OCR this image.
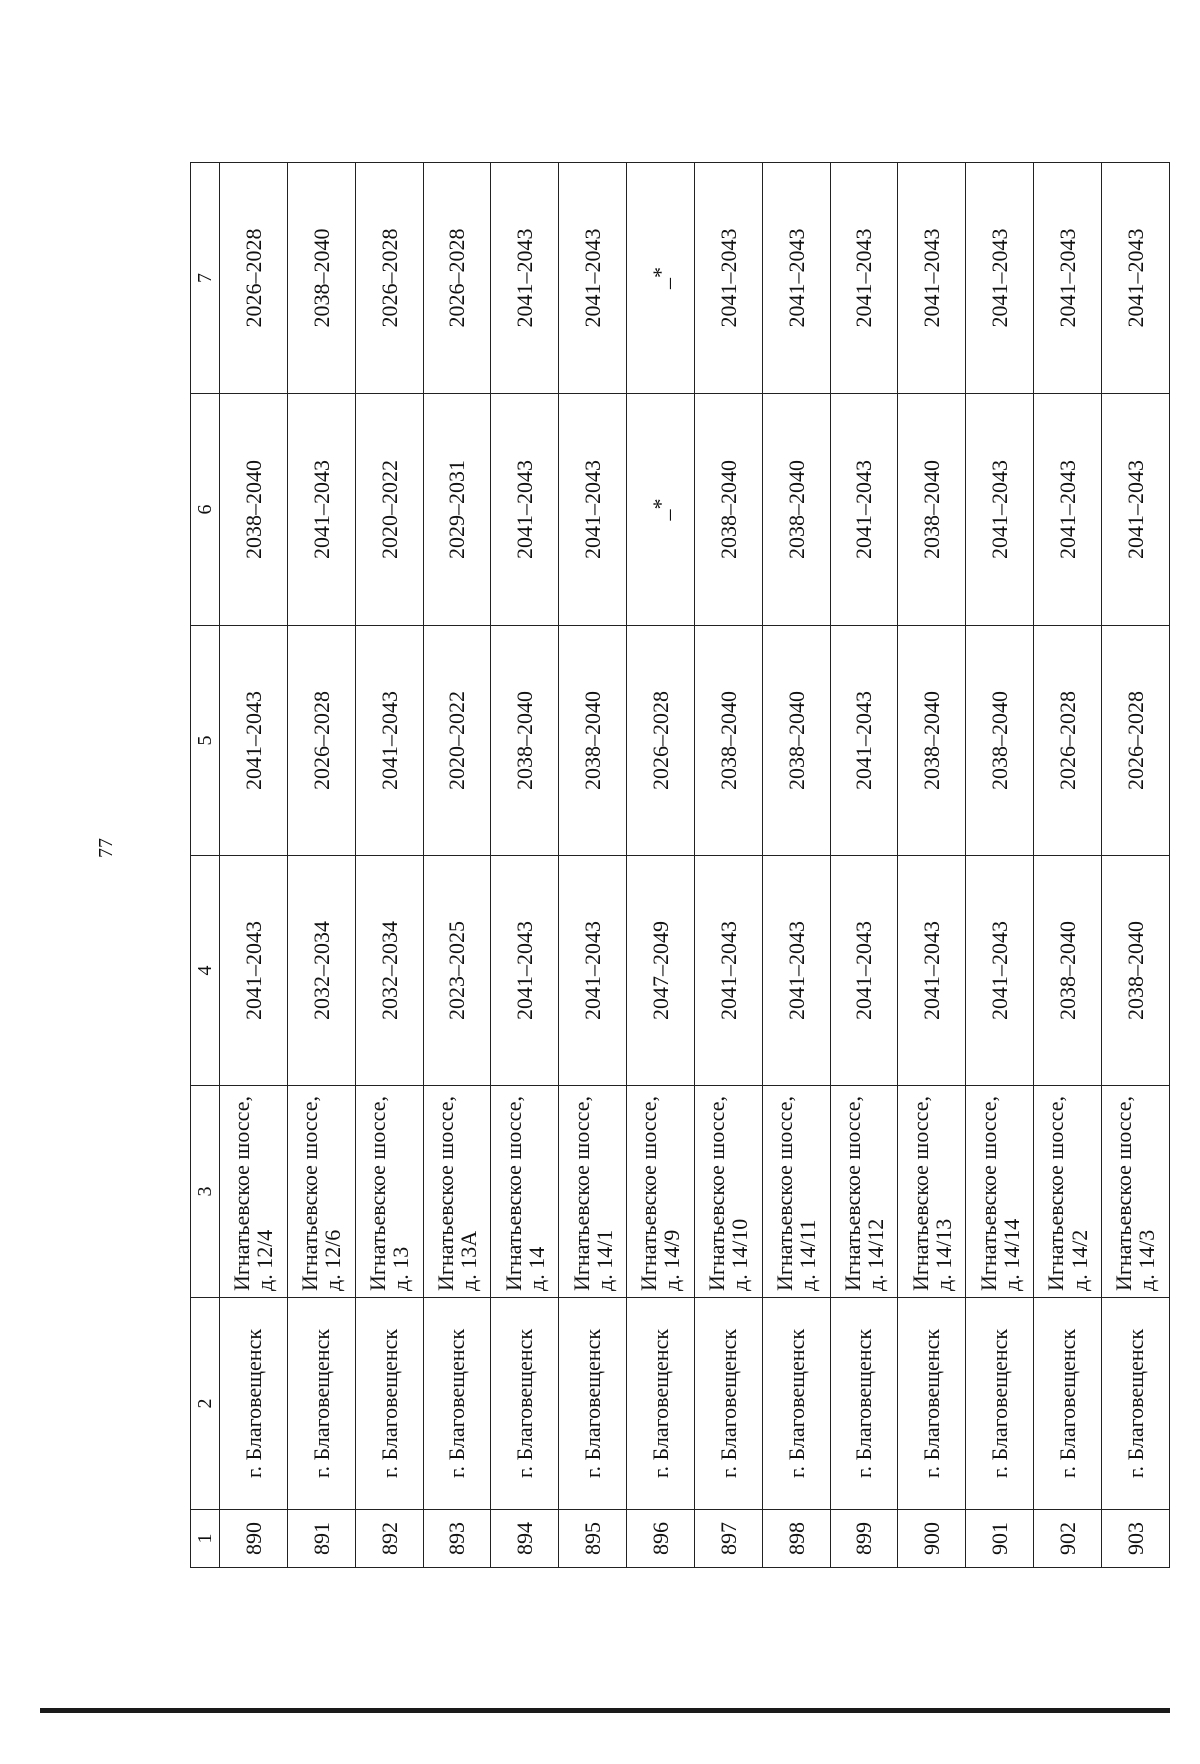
77
1	2	3	4	5	6	7
890	г. Благовещенск	Игнатьевское шоссе,
д. 12/4	2041–2043	2041–2043	2038–2040	2026–2028
891	г. Благовещенск	Игнатьевское шоссе,
д. 12/6	2032–2034	2026–2028	2041–2043	2038–2040
892	г. Благовещенск	Игнатьевское шоссе,
д. 13	2032–2034	2041–2043	2020–2022	2026–2028
893	г. Благовещенск	Игнатьевское шоссе,
д. 13А	2023–2025	2020–2022	2029–2031	2026–2028
894	г. Благовещенск	Игнатьевское шоссе,
д. 14	2041–2043	2038–2040	2041–2043	2041–2043
895	г. Благовещенск	Игнатьевское шоссе,
д. 14/1	2041–2043	2038–2040	2041–2043	2041–2043
896	г. Благовещенск	Игнатьевское шоссе,
д. 14/9	2047–2049	2026–2028	_*	_*
897	г. Благовещенск	Игнатьевское шоссе,
д. 14/10	2041–2043	2038–2040	2038–2040	2041–2043
898	г. Благовещенск	Игнатьевское шоссе,
д. 14/11	2041–2043	2038–2040	2038–2040	2041–2043
899	г. Благовещенск	Игнатьевское шоссе,
д. 14/12	2041–2043	2041–2043	2041–2043	2041–2043
900	г. Благовещенск	Игнатьевское шоссе,
д. 14/13	2041–2043	2038–2040	2038–2040	2041–2043
901	г. Благовещенск	Игнатьевское шоссе,
д. 14/14	2041–2043	2038–2040	2041–2043	2041–2043
902	г. Благовещенск	Игнатьевское шоссе,
д. 14/2	2038–2040	2026–2028	2041–2043	2041–2043
903	г. Благовещенск	Игнатьевское шоссе,
д. 14/3	2038–2040	2026–2028	2041–2043	2041–2043
